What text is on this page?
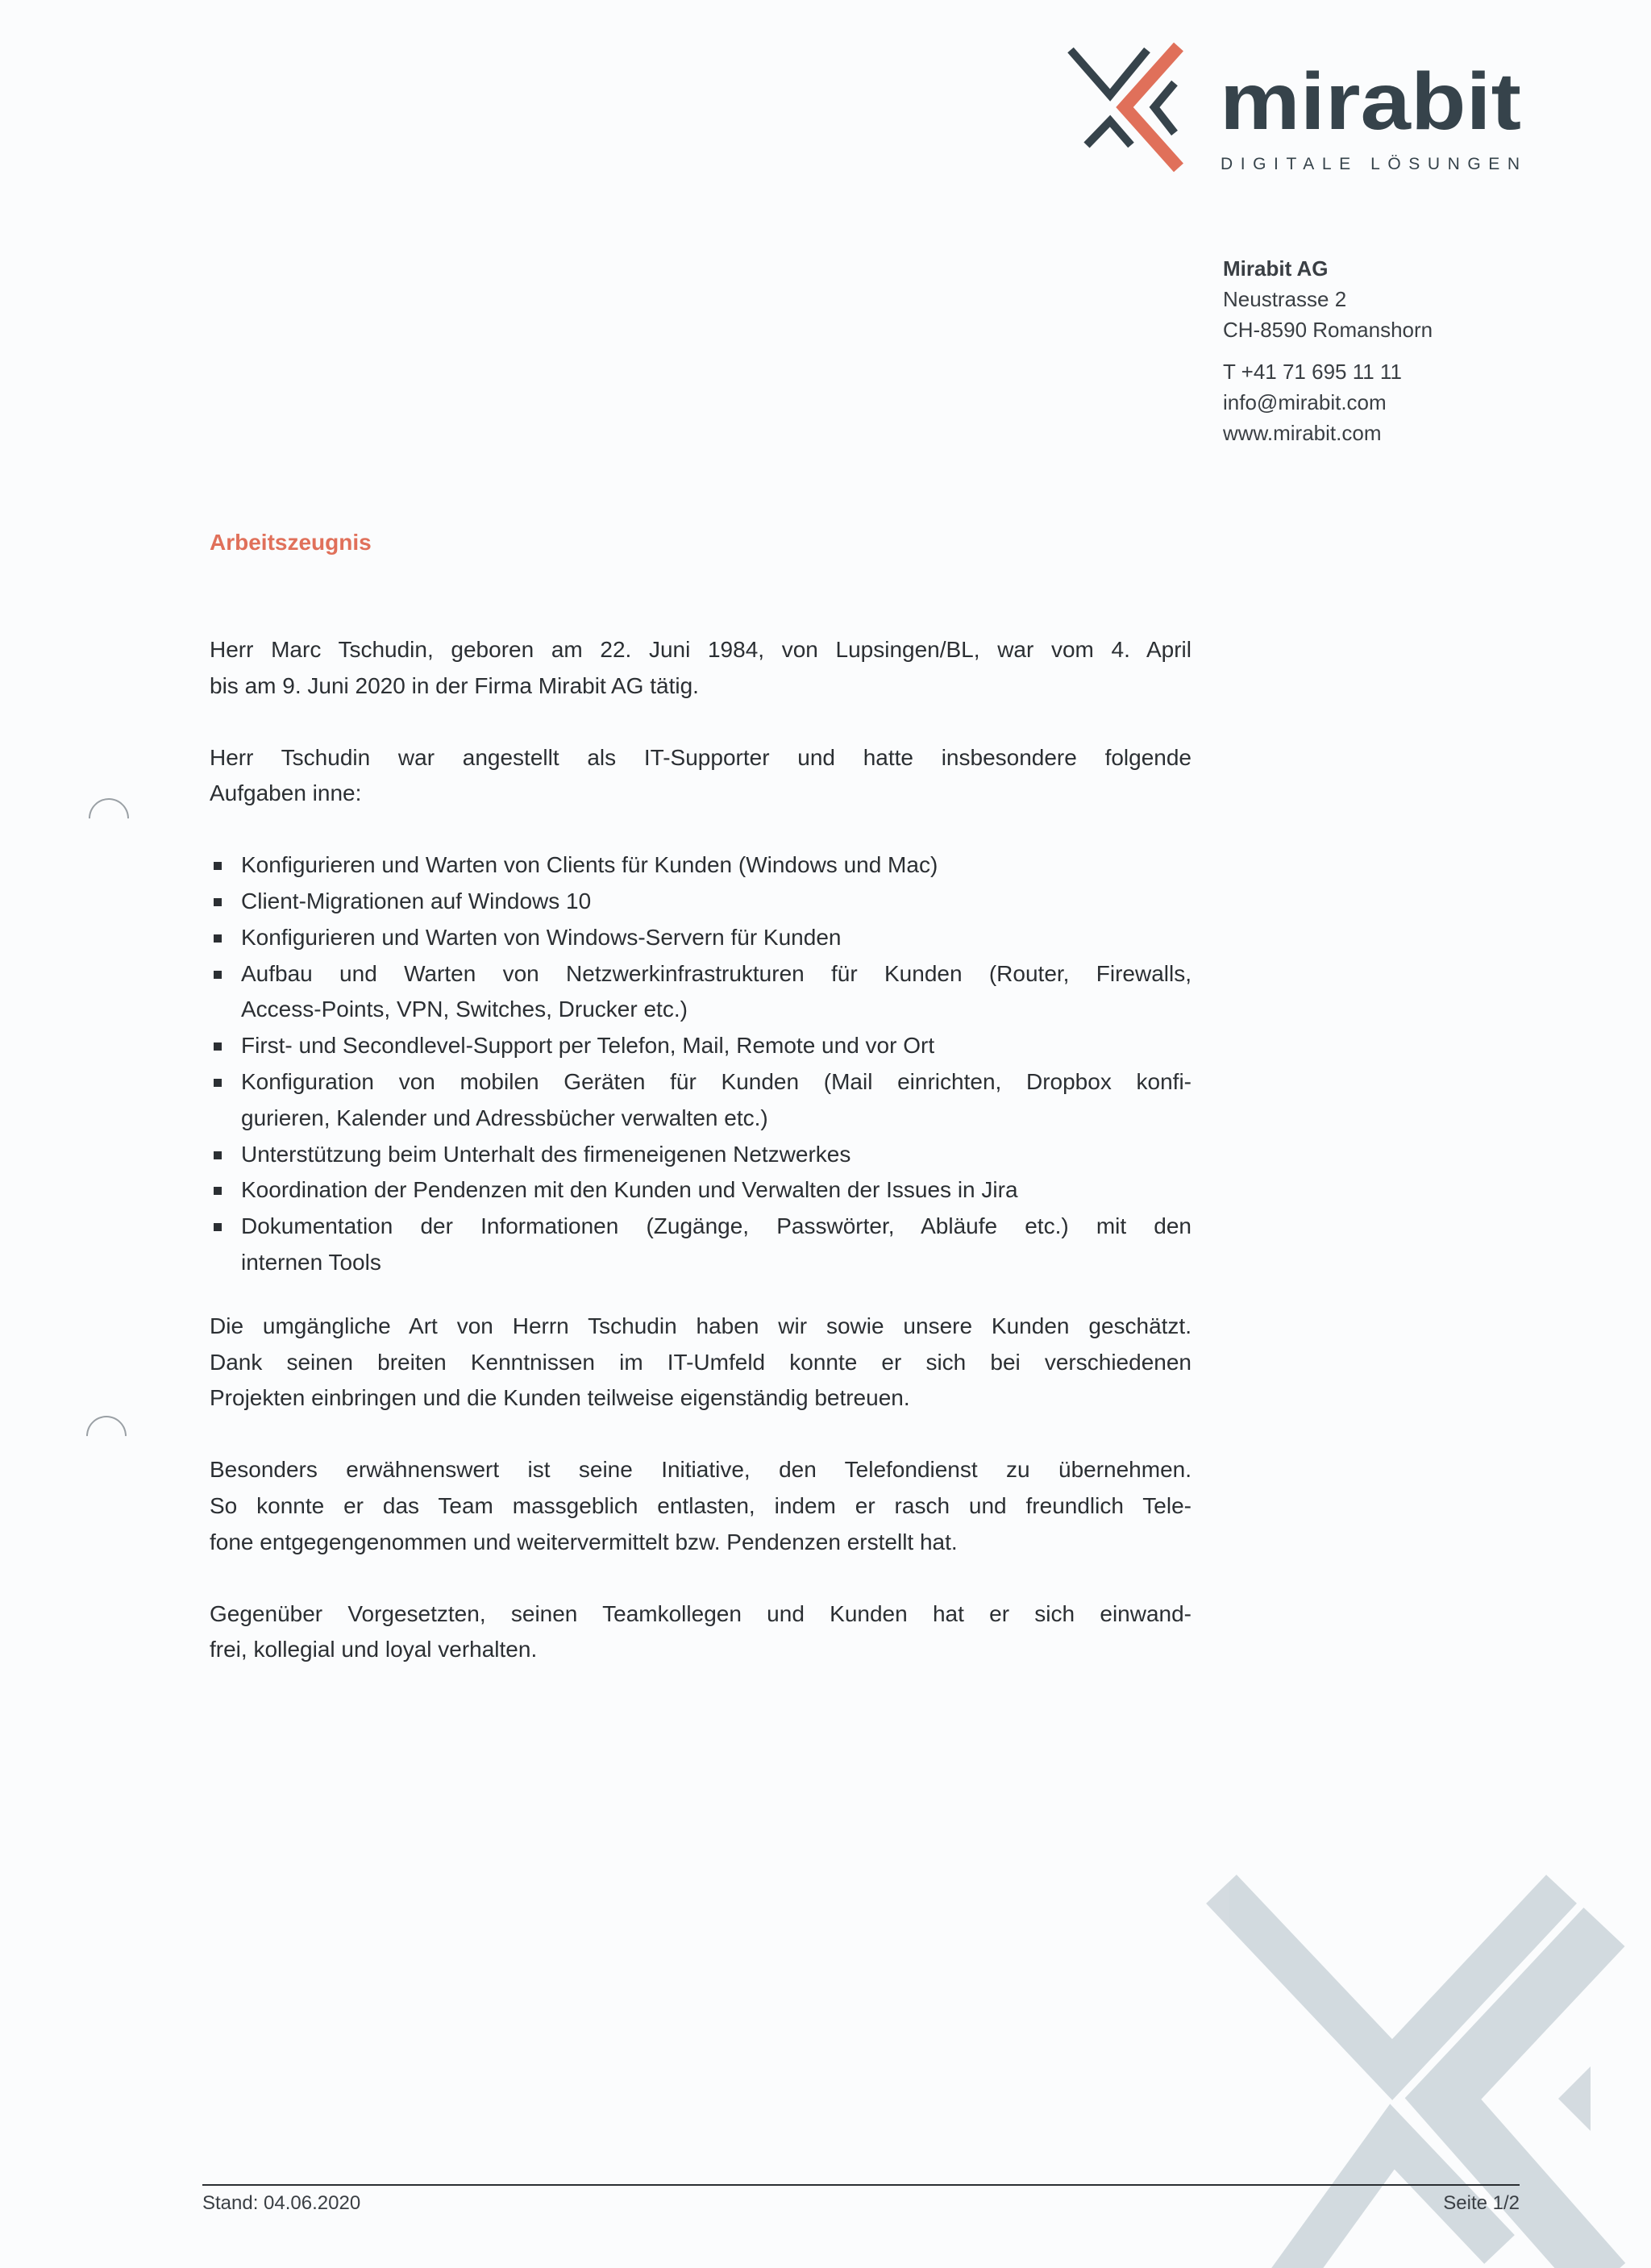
mirabit
DIGITALE LÖSUNGEN
Mirabit AG
Neustrasse 2
CH-8590 Romanshorn
T +41 71 695 11 11
info@mirabit.com
www.mirabit.com
Arbeitszeugnis
Herr Marc Tschudin, geboren am 22. Juni 1984, von Lupsingen/BL, war vom 4. April
bis am 9. Juni 2020 in der Firma Mirabit AG tätig.
Herr Tschudin war angestellt als IT-Supporter und hatte insbesondere folgende
Aufgaben inne:
Konfigurieren und Warten von Clients für Kunden (Windows und Mac)
Client-Migrationen auf Windows 10
Konfigurieren und Warten von Windows-Servern für Kunden
Aufbau und Warten von Netzwerkinfrastrukturen für Kunden (Router, Firewalls,
Access-Points, VPN, Switches, Drucker etc.)
First- und Secondlevel-Support per Telefon, Mail, Remote und vor Ort
Konfiguration von mobilen Geräten für Kunden (Mail einrichten, Dropbox konfi-
gurieren, Kalender und Adressbücher verwalten etc.)
Unterstützung beim Unterhalt des firmeneigenen Netzwerkes
Koordination der Pendenzen mit den Kunden und Verwalten der Issues in Jira
Dokumentation der Informationen (Zugänge, Passwörter, Abläufe etc.) mit den
internen Tools
Die umgängliche Art von Herrn Tschudin haben wir sowie unsere Kunden geschätzt.
Dank seinen breiten Kenntnissen im IT-Umfeld konnte er sich bei verschiedenen
Projekten einbringen und die Kunden teilweise eigenständig betreuen.
Besonders erwähnenswert ist seine Initiative, den Telefondienst zu übernehmen.
So konnte er das Team massgeblich entlasten, indem er rasch und freundlich Tele-
fone entgegengenommen und weitervermittelt bzw. Pendenzen erstellt hat.
Gegenüber Vorgesetzten, seinen Teamkollegen und Kunden hat er sich einwand-
frei, kollegial und loyal verhalten.
Stand: 04.06.2020	Seite 1/2
